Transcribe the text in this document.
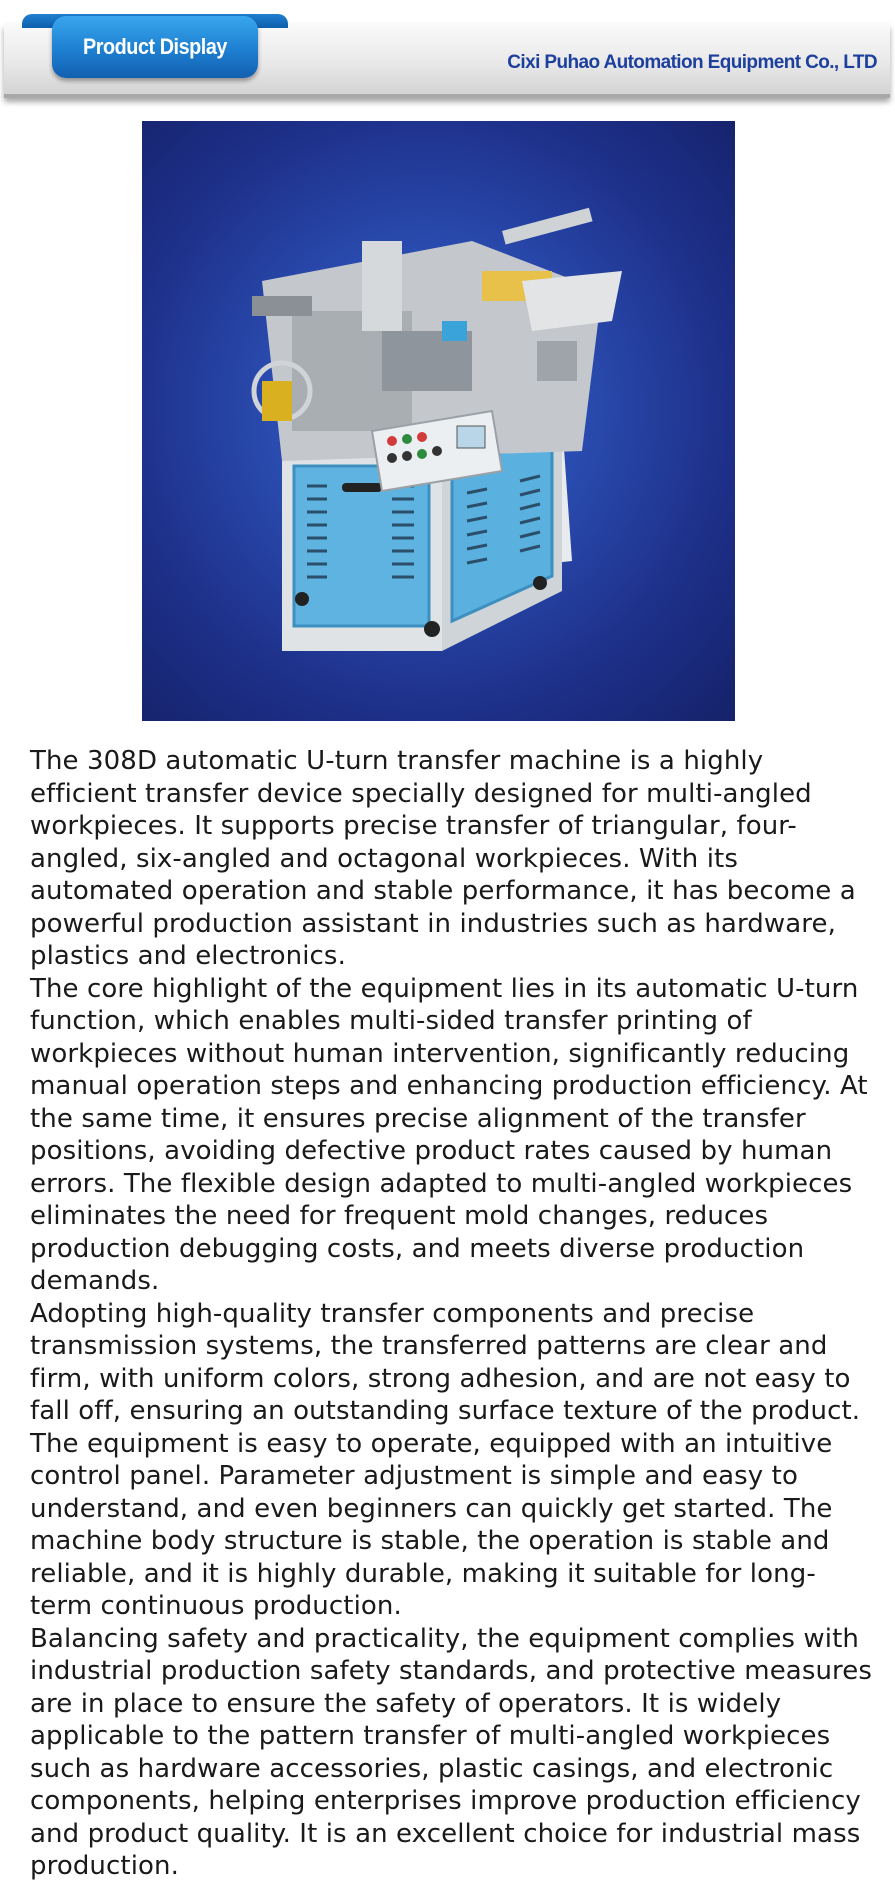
Product Display
Cixi Puhao Automation Equipment Co., LTD

The 308D automatic U-turn transfer machine is a highly efficient transfer device specially designed for multi-angled workpieces. It supports precise transfer of triangular, four-angled, six-angled and octagonal workpieces. With its automated operation and stable performance, it has become a powerful production assistant in industries such as hardware, plastics and electronics.

The core highlight of the equipment lies in its automatic U-turn function, which enables multi-sided transfer printing of workpieces without human intervention, significantly reducing manual operation steps and enhancing production efficiency. At the same time, it ensures precise alignment of the transfer positions, avoiding defective product rates caused by human errors. The flexible design adapted to multi-angled workpieces eliminates the need for frequent mold changes, reduces production debugging costs, and meets diverse production demands.

Adopting high-quality transfer components and precise transmission systems, the transferred patterns are clear and firm, with uniform colors, strong adhesion, and are not easy to fall off, ensuring an outstanding surface texture of the product. The equipment is easy to operate, equipped with an intuitive control panel. Parameter adjustment is simple and easy to understand, and even beginners can quickly get started. The machine body structure is stable, the operation is stable and reliable, and it is highly durable, making it suitable for long-term continuous production.

Balancing safety and practicality, the equipment complies with industrial production safety standards, and protective measures are in place to ensure the safety of operators. It is widely applicable to the pattern transfer of multi-angled workpieces such as hardware accessories, plastic casings, and electronic components, helping enterprises improve production efficiency and product quality. It is an excellent choice for industrial mass production.
